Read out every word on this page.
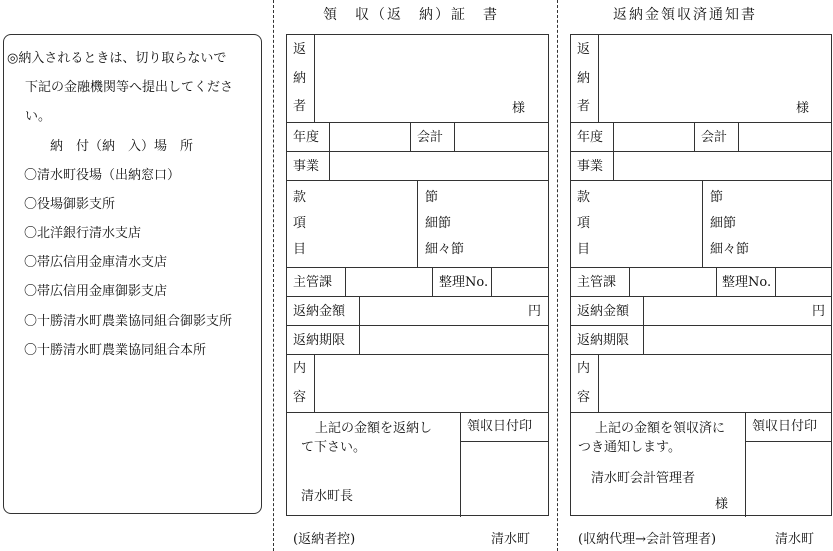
◎納入されるときは、切り取らないで
下記の金融機関等へ提出してくださ
い。
納　付（納　入）場　所
〇清水町役場（出納窓口）
〇役場御影支所
〇北洋銀行清水支店
〇帯広信用金庫清水支店
〇帯広信用金庫御影支店
〇十勝清水町農業協同組合御影支所
〇十勝清水町農業協同組合本所
領　収（返　納）証　書
返
納
者	様
年度	会計
事業
款
項
目
節
細節
細々節
主管課	整理No.
返納金額	円
返納期限
内
容
上記の金額を返納し
て下さい。
清水町長
領収日付印
(返納者控)	清水町
返納金領収済通知書
返
納
者	様
年度	会計
事業
款
項
目
節
細節
細々節
主管課	整理No.
返納金額	円
返納期限
内
容
上記の金額を領収済に
つき通知します。
清水町会計管理者
様
領収日付印
(収納代理→会計管理者)	清水町
